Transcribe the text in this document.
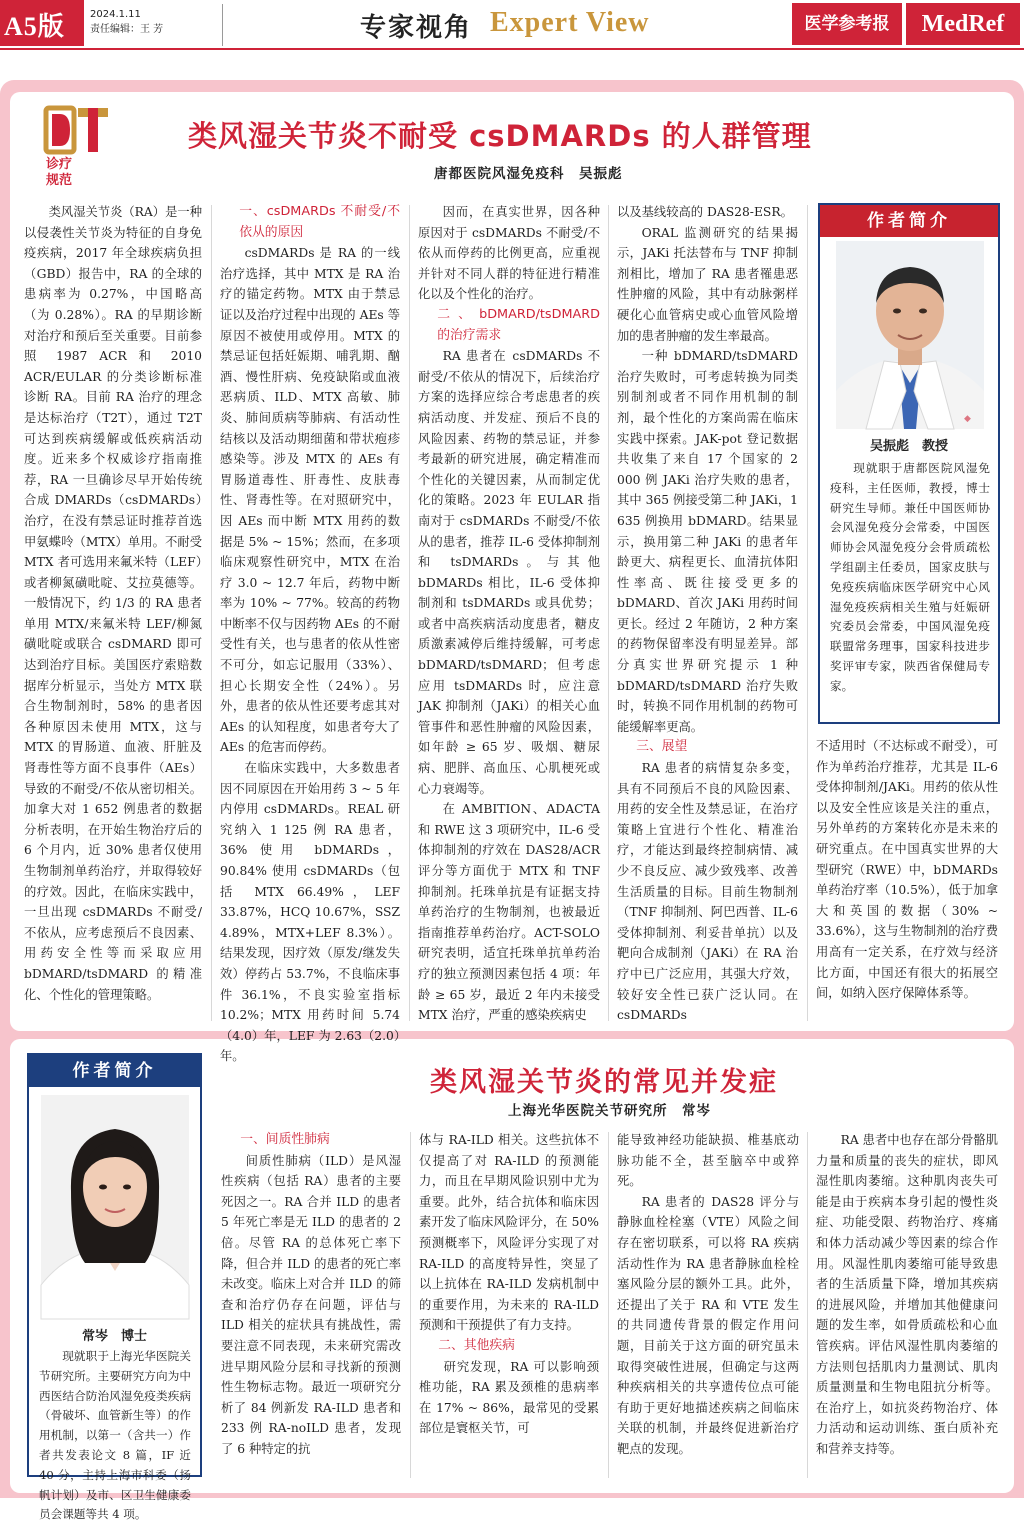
A5版	2024.1.11
责任编辑：王 芳	专家视角 Expert View	医学参考报	MedRef
诊疗
规范
类风湿关节炎不耐受 csDMARDs 的人群管理
唐都医院风湿免疫科　吴振彪

类风湿关节炎（RA）是一种以侵袭性关节炎为特征的自身免疫疾病，2017 年全球疾病负担（GBD）报告中，RA 的全球的患病率为 0.27%，中国略高（为 0.28%）。RA 的早期诊断对治疗和预后至关重要。目前参照 1987 ACR 和 2010 ACR/EULAR 的分类诊断标准诊断 RA。目前 RA 治疗的理念是达标治疗（T2T），通过 T2T 可达到疾病缓解或低疾病活动度。近来多个权威诊疗指南推荐，RA 一旦确诊尽早开始传统合成 DMARDs（csDMARDs）治疗，在没有禁忌证时推荐首选甲氨蝶呤（MTX）单用。不耐受 MTX 者可选用来氟米特（LEF）或者柳氮磺吡啶、艾拉莫德等。一般情况下，约 1/3 的 RA 患者单用 MTX/来氟米特 LEF/柳氮磺吡啶或联合 csDMARD 即可达到治疗目标。美国医疗索赔数据库分析显示，当处方 MTX 联合生物制剂时，58% 的患者因各种原因未使用 MTX，这与 MTX 的胃肠道、血液、肝脏及肾毒性等方面不良事件（AEs）导致的不耐受/不依从密切相关。加拿大对 1 652 例患者的数据分析表明，在开始生物治疗后的 6 个月内，近 30% 患者仅使用生物制剂单药治疗，并取得较好的疗效。因此，在临床实践中，一旦出现 csDMARDs 不耐受/不依从，应考虑预后不良因素、用药安全性等而采取应用 bDMARD/tsDMARD 的精准化、个性化的管理策略。

一、csDMARDs 不耐受/不依从的原因

csDMARDs 是 RA 的一线治疗选择，其中 MTX 是 RA 治疗的锚定药物。MTX 由于禁忌证以及治疗过程中出现的 AEs 等原因不被使用或停用。MTX 的禁忌证包括妊娠期、哺乳期、酗酒、慢性肝病、免疫缺陷或血液恶病质、ILD、MTX 高敏、肺炎、肺间质病等肺病、有活动性结核以及活动期细菌和带状疱疹感染等。涉及 MTX 的 AEs 有胃肠道毒性、肝毒性、皮肤毒性、肾毒性等。在对照研究中，因 AEs 而中断 MTX 用药的数据是 5% ~ 15%；然而，在多项临床观察性研究中，MTX 在治疗 3.0 ~ 12.7 年后，药物中断率为 10% ~ 77%。较高的药物中断率不仅与因药物 AEs 的不耐受性有关，也与患者的依从性密不可分，如忘记服用（33%）、担心长期安全性（24%）。另外，患者的依从性还要考虑其对 AEs 的认知程度，如患者夸大了 AEs 的危害而停药。

在临床实践中，大多数患者因不同原因在开始用药 3 ~ 5 年内停用 csDMARDs。REAL 研究纳入 1 125 例 RA 患者，36% 使用 bDMARDs，90.84% 使用 csDMARDs（包括 MTX 66.49%，LEF 33.87%，HCQ 10.67%，SSZ 4.89%，MTX+LEF 8.3%）。结果发现，因疗效（原发/继发失效）停药占 53.7%，不良临床事件 36.1%，不良实验室指标 10.2%；MTX 用药时间 5.74（4.0）年，LEF 为 2.63（2.0）年。

因而，在真实世界，因各种原因对于 csDMARDs 不耐受/不依从而停药的比例更高，应重视并针对不同人群的特征进行精准化以及个性化的治疗。

二、bDMARD/tsDMARD 的治疗需求

RA 患者在 csDMARDs 不耐受/不依从的情况下，后续治疗方案的选择应综合考虑患者的疾病活动度、并发症、预后不良的风险因素、药物的禁忌证，并参考最新的研究进展，确定精准而个性化的关键因素，从而制定优化的策略。2023 年 EULAR 指南对于 csDMARDs 不耐受/不依从的患者，推荐 IL-6 受体抑制剂和 tsDMARDs。与其他 bDMARDs 相比，IL-6 受体抑制剂和 tsDMARDs 或具优势；或者中高疾病活动度患者，糖皮质激素减停后维持缓解，可考虑 bDMARD/tsDMARD；但考虑应用 tsDMARDs 时，应注意 JAK 抑制剂（JAKi）的相关心血管事件和恶性肿瘤的风险因素，如年龄 ≥ 65 岁、吸烟、糖尿病、肥胖、高血压、心肌梗死或心力衰竭等。

在 AMBITION、ADACTA 和 RWE 这 3 项研究中，IL-6 受体抑制剂的疗效在 DAS28/ACR 评分等方面优于 MTX 和 TNF 抑制剂。托珠单抗是有证据支持单药治疗的生物制剂，也被最近指南推荐单药治疗。ACT-SOLO 研究表明，适宜托珠单抗单药治疗的独立预测因素包括 4 项：年龄 ≥ 65 岁，最近 2 年内未接受 MTX 治疗，严重的感染疾病史

以及基线较高的 DAS28-ESR。

ORAL 监测研究的结果揭示，JAKi 托法替布与 TNF 抑制剂相比，增加了 RA 患者罹患恶性肿瘤的风险，其中有动脉粥样硬化心血管病史或心血管风险增加的患者肿瘤的发生率最高。

一种 bDMARD/tsDMARD 治疗失败时，可考虑转换为同类别制剂或者不同作用机制的制剂，最个性化的方案尚需在临床实践中探索。JAK-pot 登记数据共收集了来自 17 个国家的 2 000 例 JAKi 治疗失败的患者，其中 365 例接受第二种 JAKi，1 635 例换用 bDMARD。结果显示，换用第二种 JAKi 的患者年龄更大、病程更长、血清抗体阳性率高、既往接受更多的 bDMARD、首次 JAKi 用药时间更长。经过 2 年随访，2 种方案的药物保留率没有明显差异。部分真实世界研究提示 1 种 bDMARD/tsDMARD 治疗失败时，转换不同作用机制的药物可能缓解率更高。

三、展望

RA 患者的病情复杂多变，具有不同预后不良的风险因素、用药的安全性及禁忌证，在治疗策略上宜进行个性化、精准治疗，才能达到最终控制病情、减少不良反应、减少致残率、改善生活质量的目标。目前生物制剂（TNF 抑制剂、阿巴西普、IL-6 受体抑制剂、利妥昔单抗）以及靶向合成制剂（JAKi）在 RA 治疗中已广泛应用，其强大疗效，较好安全性已获广泛认同。在 csDMARDs

不适用时（不达标或不耐受），可作为单药治疗推荐，尤其是 IL-6 受体抑制剂/JAKi。用药的依从性以及安全性应该是关注的重点，另外单药的方案转化亦是未来的研究重点。在中国真实世界的大型研究（RWE）中，bDMARDs 单药治疗率（10.5%），低于加拿大和英国的数据（30% ~ 33.6%），这与生物制剂的治疗费用高有一定关系，在疗效与经济比方面，中国还有很大的拓展空间，如纳入医疗保障体系等。

作者简介
◆
吴振彪　教授
现就职于唐都医院风湿免疫科，主任医师，教授，博士研究生导师。兼任中国医师协会风湿免疫分会常委，中国医师协会风湿免疫分会骨质疏松学组副主任委员，国家皮肤与免疫疾病临床医学研究中心风湿免疫疾病相关生殖与妊娠研究委员会常委，中国风湿免疫联盟常务理事，国家科技进步奖评审专家，陕西省保健局专家。
作者简介
常岑　博士
现就职于上海光华医院关节研究所。主要研究方向为中西医结合防治风湿免疫类疾病（骨破坏、血管新生等）的作用机制，以第一（含共一）作者共发表论文 8 篇，IF 近 40 分，主持上海市科委（扬帆计划）及市、区卫生健康委员会课题等共 4 项。
类风湿关节炎的常见并发症
上海光华医院关节研究所　常岑
一、间质性肺病

间质性肺病（ILD）是风湿性疾病（包括 RA）患者的主要死因之一。RA 合并 ILD 的患者 5 年死亡率是无 ILD 的患者的 2 倍。尽管 RA 的总体死亡率下降，但合并 ILD 的患者的死亡率未改变。临床上对合并 ILD 的筛查和治疗仍存在问题，评估与 ILD 相关的症状具有挑战性，需要注意不同表现，未来研究需改进早期风险分层和寻找新的预测性生物标志物。最近一项研究分析了 84 例新发 RA-ILD 患者和 233 例 RA-noILD 患者，发现了 6 种特定的抗

体与 RA-ILD 相关。这些抗体不仅提高了对 RA-ILD 的预测能力，而且在早期风险识别中尤为重要。此外，结合抗体和临床因素开发了临床风险评分，在 50% 预测概率下，风险评分实现了对 RA-ILD 的高度特异性，突显了以上抗体在 RA-ILD 发病机制中的重要作用，为未来的 RA-ILD 预测和干预提供了有力支持。

二、其他疾病

研究发现，RA 可以影响颈椎功能，RA 累及颈椎的患病率在 17% ~ 86%，最常见的受累部位是寰枢关节，可

能导致神经功能缺损、椎基底动脉功能不全，甚至脑卒中或猝死。

RA 患者的 DAS28 评分与静脉血栓栓塞（VTE）风险之间存在密切联系，可以将 RA 疾病活动性作为 RA 患者静脉血栓栓塞风险分层的额外工具。此外，还提出了关于 RA 和 VTE 发生的共同遗传背景的假定作用问题，目前关于这方面的研究虽未取得突破性进展，但确定与这两种疾病相关的共享遗传位点可能有助于更好地描述疾病之间临床关联的机制，并最终促进新治疗靶点的发现。

RA 患者中也存在部分骨骼肌力量和质量的丧失的症状，即风湿性肌肉萎缩。这种肌肉丧失可能是由于疾病本身引起的慢性炎症、功能受限、药物治疗、疼痛和体力活动减少等因素的综合作用。风湿性肌肉萎缩可能导致患者的生活质量下降，增加其疾病的进展风险，并增加其他健康问题的发生率，如骨质疏松和心血管疾病。评估风湿性肌肉萎缩的方法则包括肌肉力量测试、肌肉质量测量和生物电阻抗分析等。在治疗上，如抗炎药物治疗、体力活动和运动训练、蛋白质补充和营养支持等。
